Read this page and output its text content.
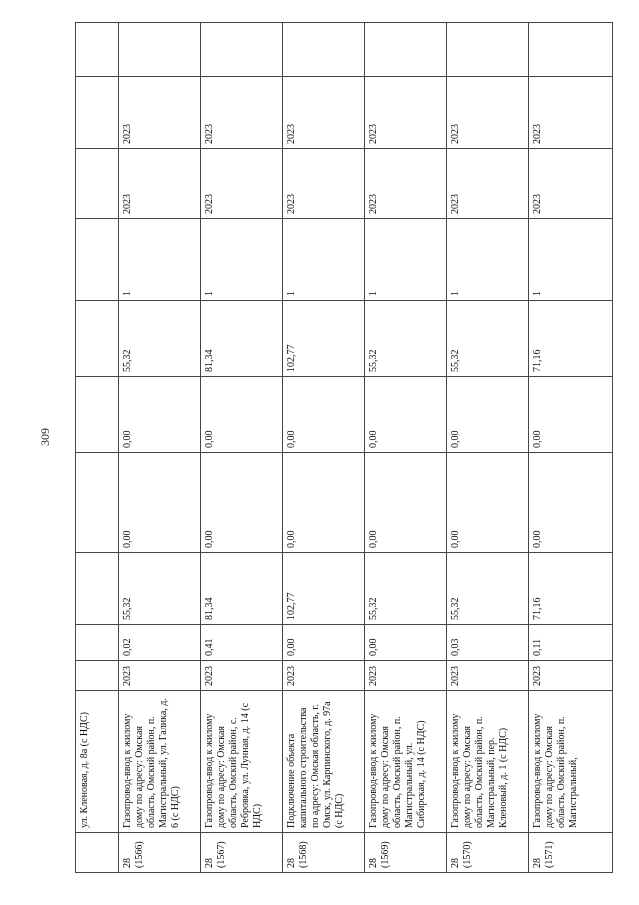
309
	ул. Кленовая, д. 8а (с НДС)										
28 (1566)	Газопровод-ввод к жилому дому по адресу: Омская область, Омский район, п. Магистральный, ул. Галика, д. 6 (с НДС)	2023	0,02	55,32	0,00	0,00	55,32	1	2023	2023	
28 (1567)	Газопровод-ввод к жилому дому по адресу: Омская область, Омский район, с. Ребровка, ул. Лунная, д. 14 (с НДС)	2023	0,41	81,34	0,00	0,00	81,34	1	2023	2023	
28 (1568)	Подключение объекта капитального строительства по адресу: Омская область, г. Омск, ул. Карпинского, д. 97а (с НДС)	2023	0,00	102,77	0,00	0,00	102,77	1	2023	2023	
28 (1569)	Газопровод-ввод к жилому дому по адресу: Омская область, Омский район, п. Магистральный, ул. Сибирская, д. 14 (с НДС)	2023	0,00	55,32	0,00	0,00	55,32	1	2023	2023	
28 (1570)	Газопровод-ввод к жилому дому по адресу: Омская область, Омский район, п. Магистральный, пер. Кленовый, д. 1 (с НДС)	2023	0,03	55,32	0,00	0,00	55,32	1	2023	2023	
28 (1571)	Газопровод-ввод к жилому дому по адресу: Омская область, Омский район, п. Магистральный,	2023	0,11	71,16	0,00	0,00	71,16	1	2023	2023	
